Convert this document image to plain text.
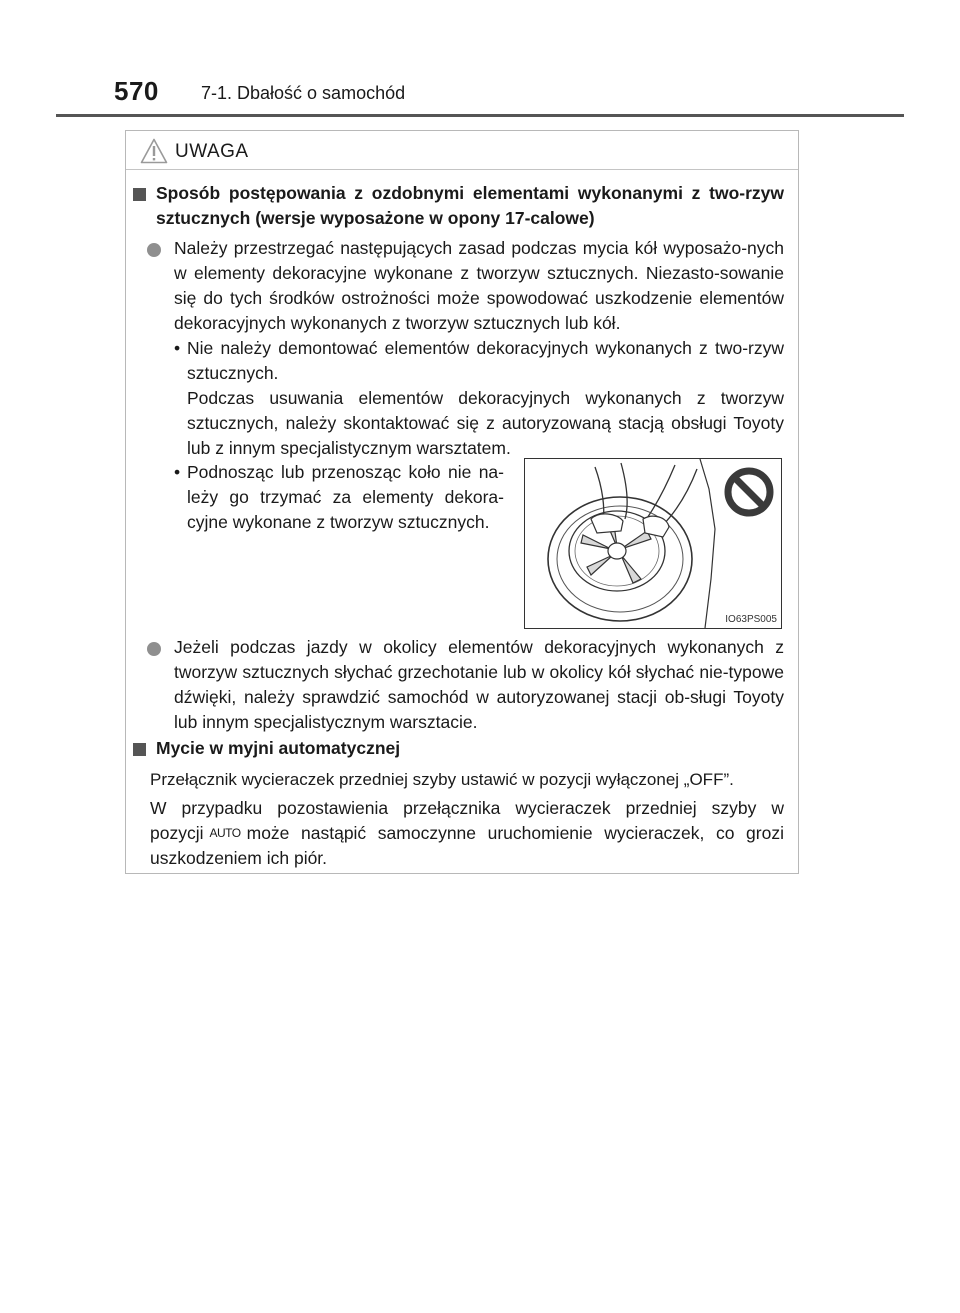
570 7-1. Dbałość o samochód
UWAGA
Sposób postępowania z ozdobnymi elementami wykonanymi z two-rzyw sztucznych (wersje wyposażone w opony 17-calowe)
Należy przestrzegać następujących zasad podczas mycia kół wyposażo-nych w elementy dekoracyjne wykonane z tworzyw sztucznych. Niezasto-sowanie się do tych środków ostrożności może spowodować uszkodzenie elementów dekoracyjnych wykonanych z tworzyw sztucznych lub kół.
• Nie należy demontować elementów dekoracyjnych wykonanych z two-rzyw sztucznych.
Podczas usuwania elementów dekoracyjnych wykonanych z tworzyw sztucznych, należy skontaktować się z autoryzowaną stacją obsługi Toyoty lub z innym specjalistycznym warsztatem.
• Podnosząc lub przenosząc koło nie na-leży go trzymać za elementy dekora-cyjne wykonane z tworzyw sztucznych.
IO63PS005
Jeżeli podczas jazdy w okolicy elementów dekoracyjnych wykonanych z tworzyw sztucznych słychać grzechotanie lub w okolicy kół słychać nie-typowe dźwięki, należy sprawdzić samochód w autoryzowanej stacji ob-sługi Toyoty lub innym specjalistycznym warsztacie.
Mycie w myjni automatycznej
Przełącznik wycieraczek przedniej szyby ustawić w pozycji wyłączonej „OFF”.
W przypadku pozostawienia przełącznika wycieraczek przedniej szyby w pozycji AUTO może nastąpić samoczynne uruchomienie wycieraczek, co grozi uszkodzeniem ich piór.
